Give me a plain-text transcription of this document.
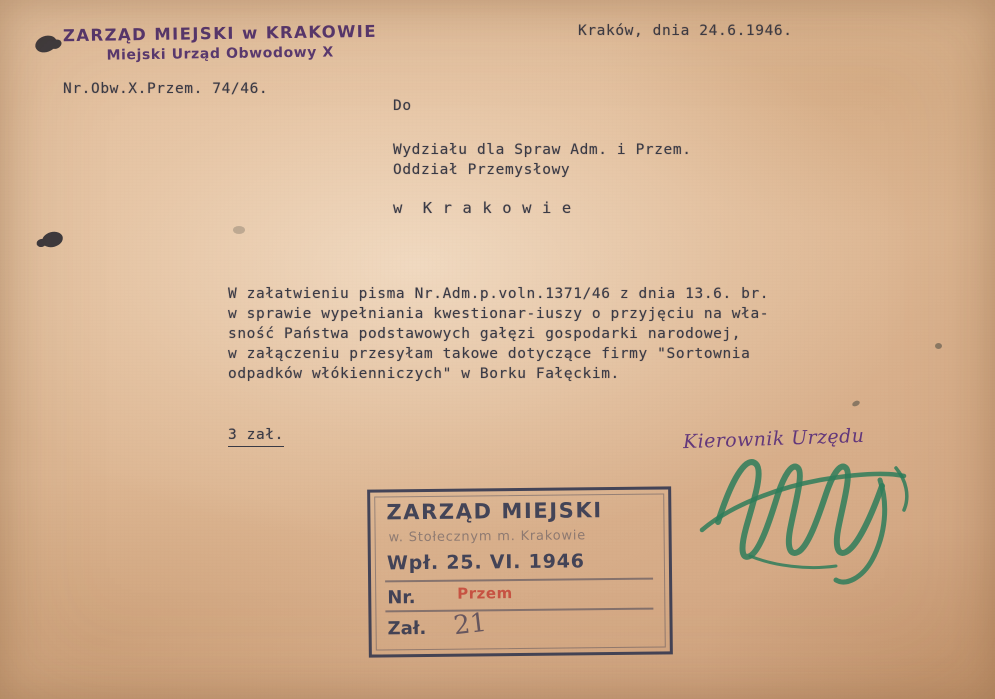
ZARZĄD MIEJSKI w KRAKOWIE
Miejski Urząd Obwodowy X
Kraków, dnia 24.6.1946.
Nr.Obw.X.Przem. 74/46.
Do
Wydziału dla Spraw Adm. i Przem.
Oddział Przemysłowy
w  K r a k o w i e
W załatwieniu pisma Nr.Adm.p.voln.1371/46 z dnia 13.6. br.
w sprawie wypełniania kwestionar-iuszy o przyjęciu na wła-
sność Państwa podstawowych gałęzi gospodarki narodowej,
w załączeniu przesyłam takowe dotyczące firmy "Sortownia
odpadków włókienniczych" w Borku Fałęckim.
3 zał.	Kierownik Urzędu
ZARZĄD MIEJSKI
w. Stołecznym m. Krakowie
Wpł. 25. VI. 1946
Nr.	Przem
Zał. 21
